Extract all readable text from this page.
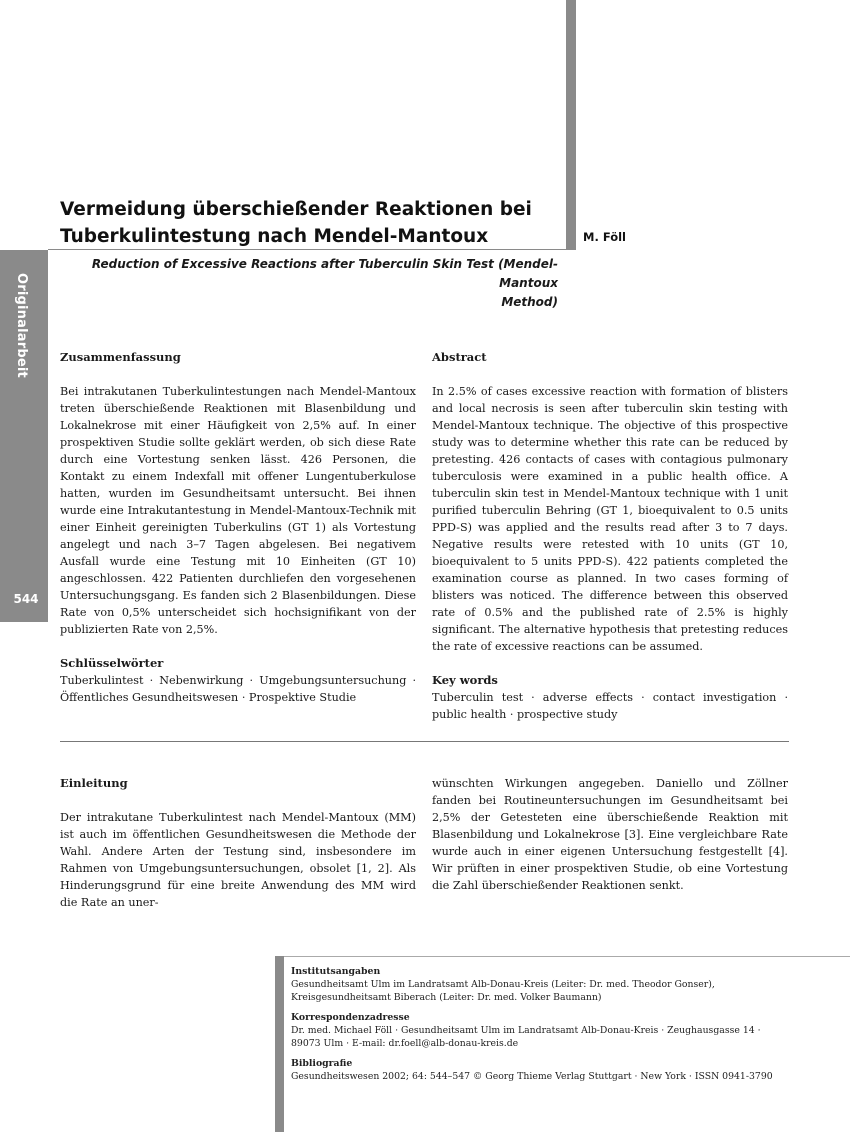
Originalarbeit
544
Vermeidung überschießender Reaktionen bei
Tuberkulintestung nach Mendel-Mantoux	M. Föll

Reduction of Excessive Reactions after Tuberculin Skin Test (Mendel-Mantoux
Method)

Zusammenfassung

Bei intrakutanen Tuberkulintestungen nach Mendel-Mantoux treten überschießende Reaktionen mit Blasenbildung und Lokalnekrose mit einer Häufigkeit von 2,5% auf. In einer prospektiven Studie sollte geklärt werden, ob sich diese Rate durch eine Vortestung senken lässt. 426 Personen, die Kontakt zu einem Indexfall mit offener Lungentuberkulose hatten, wurden im Gesundheitsamt untersucht. Bei ihnen wurde eine Intrakutantestung in Mendel-Mantoux-Technik mit einer Einheit gereinigten Tuberkulins (GT 1) als Vortestung angelegt und nach 3–7 Tagen abgelesen. Bei negativem Ausfall wurde eine Testung mit 10 Einheiten (GT 10) angeschlossen. 422 Patienten durchliefen den vorgesehenen Untersuchungsgang. Es fanden sich 2 Blasenbildungen. Diese Rate von 0,5% unterscheidet sich hochsignifikant von der publizierten Rate von 2,5%.

Schlüsselwörter

Tuberkulintest · Nebenwirkung · Umgebungsuntersuchung · Öffentliches Gesundheitswesen · Prospektive Studie

Abstract

In 2.5% of cases excessive reaction with formation of blisters and local necrosis is seen after tuberculin skin testing with Mendel-Mantoux technique. The objective of this prospective study was to determine whether this rate can be reduced by pretesting. 426 contacts of cases with contagious pulmonary tuberculosis were examined in a public health office. A tuberculin skin test in Mendel-Mantoux technique with 1 unit purified tuberculin Behring (GT 1, bioequivalent to 0.5 units PPD-S) was applied and the results read after 3 to 7 days. Negative results were retested with 10 units (GT 10, bioequivalent to 5 units PPD-S). 422 patients completed the examination course as planned. In two cases forming of blisters was noticed. The difference between this observed rate of 0.5% and the published rate of 2.5% is highly significant. The alternative hypothesis that pretesting reduces the rate of excessive reactions can be assumed.

Key words

Tuberculin test · adverse effects · contact investigation · public health · prospective study

Einleitung

Der intrakutane Tuberkulintest nach Mendel-Mantoux (MM) ist auch im öffentlichen Gesundheitswesen die Methode der Wahl. Andere Arten der Testung sind, insbesondere im Rahmen von Umgebungsuntersuchungen, obsolet [1, 2]. Als Hinderungsgrund für eine breite Anwendung des MM wird die Rate an uner-

wünschten Wirkungen angegeben. Daniello und Zöllner fanden bei Routineuntersuchungen im Gesundheitsamt bei 2,5% der Getesteten eine überschießende Reaktion mit Blasenbildung und Lokalnekrose [3]. Eine vergleichbare Rate wurde auch in einer eigenen Untersuchung festgestellt [4]. Wir prüften in einer prospektiven Studie, ob eine Vortestung die Zahl überschießender Reaktionen senkt.

Institutsangaben
Gesundheitsamt Ulm im Landratsamt Alb-Donau-Kreis (Leiter: Dr. med. Theodor Gonser), Kreisgesundheitsamt Biberach (Leiter: Dr. med. Volker Baumann)
Korrespondenzadresse
Dr. med. Michael Föll · Gesundheitsamt Ulm im Landratsamt Alb-Donau-Kreis · Zeughausgasse 14 · 89073 Ulm · E-mail: dr.foell@alb-donau-kreis.de
Bibliografie
Gesundheitswesen 2002; 64: 544–547 © Georg Thieme Verlag Stuttgart · New York · ISSN 0941-3790
